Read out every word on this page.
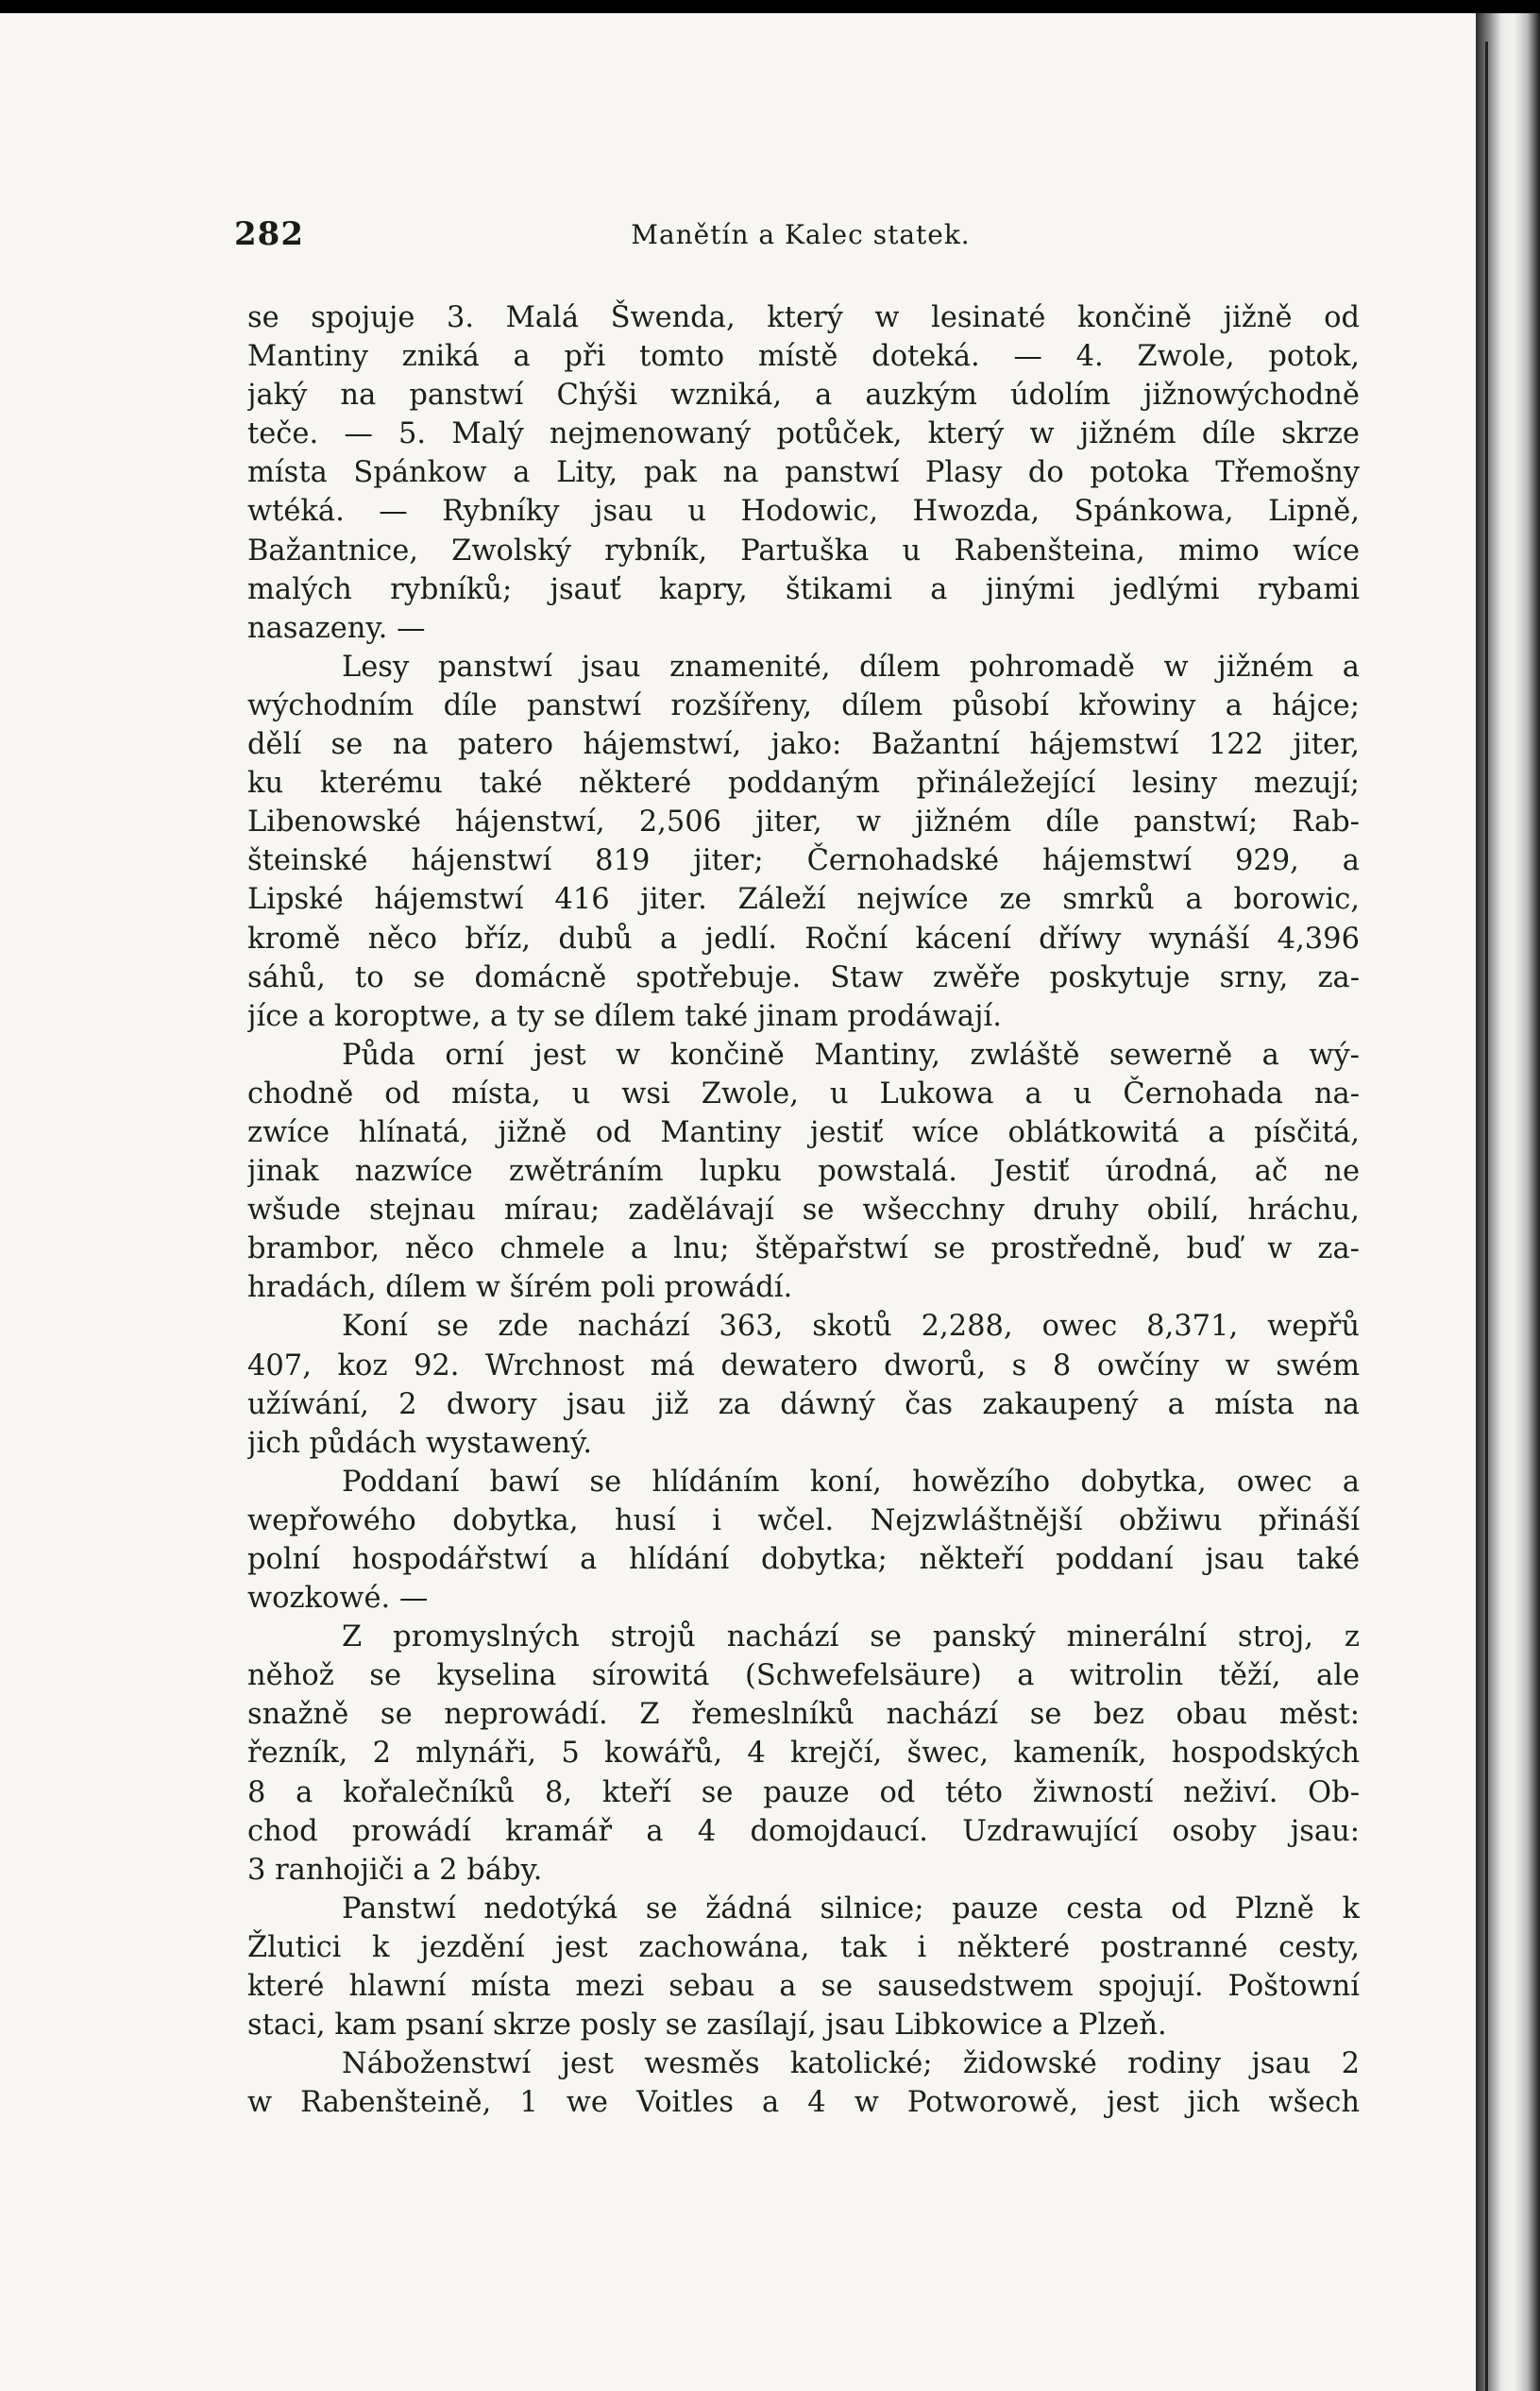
282	Manětín a Kalec statek.
se spojuje 3. Malá Šwenda, který w lesinaté končině jižně od
Mantiny zniká a při tomto místě doteká. — 4. Zwole, potok,
jaký na panstwí Chýši wzniká, a auzkým údolím jižnowýchodně
teče. — 5. Malý nejmenowaný potůček, který w jižném díle skrze
místa Spánkow a Lity, pak na panstwí Plasy do potoka Třemošny
wtéká. — Rybníky jsau u Hodowic, Hwozda, Spánkowa, Lipně,
Bažantnice, Zwolský rybník, Partuška u Rabenšteina, mimo wíce
malých rybníků; jsauť kapry, štikami a jinými jedlými rybami
nasazeny. —
Lesy panstwí jsau znamenité, dílem pohromadě w jižném a
wýchodním díle panstwí rozšířeny, dílem působí křowiny a hájce;
dělí se na patero hájemstwí, jako: Bažantní hájemstwí 122 jiter,
ku kterému také některé poddaným přináležející lesiny mezují;
Libenowské hájenstwí, 2,506 jiter, w jižném díle panstwí; Rab-
šteinské hájenstwí 819 jiter; Černohadské hájemstwí 929, a
Lipské hájemstwí 416 jiter. Záleží nejwíce ze smrků a borowic,
kromě něco bříz, dubů a jedlí. Roční kácení dříwy wynáší 4,396
sáhů, to se domácně spotřebuje. Staw zwěře poskytuje srny, za-
jíce a koroptwe, a ty se dílem také jinam prodáwají.
Půda orní jest w končině Mantiny, zwláště sewerně a wý-
chodně od místa, u wsi Zwole, u Lukowa a u Černohada na-
zwíce hlínatá, jižně od Mantiny jestiť wíce oblátkowitá a písčitá,
jinak nazwíce zwětráním lupku powstalá. Jestiť úrodná, ač ne
wšude stejnau mírau; zadělávají se wšecchny druhy obilí, hráchu,
brambor, něco chmele a lnu; štěpařstwí se prostředně, buď w za-
hradách, dílem w šírém poli prowádí.
Koní se zde nachází 363, skotů 2,288, owec 8,371, wepřů
407, koz 92. Wrchnost má dewatero dworů, s 8 owčíny w swém
užíwání, 2 dwory jsau již za dáwný čas zakaupený a místa na
jich půdách wystawený.
Poddaní bawí se hlídáním koní, howězího dobytka, owec a
wepřowého dobytka, husí i wčel. Nejzwláštnější obžiwu přináší
polní hospodářstwí a hlídání dobytka; někteří poddaní jsau také
wozkowé. —
Z promyslných strojů nachází se panský minerální stroj, z
něhož se kyselina sírowitá (Schwefelsäure) a witrolin těží, ale
snažně se neprowádí. Z řemeslníků nachází se bez obau měst:
řezník, 2 mlynáři, 5 kowářů, 4 krejčí, šwec, kameník, hospodských
8 a kořalečníků 8, kteří se pauze od této žiwností neživí. Ob-
chod prowádí kramář a 4 domojdaucí. Uzdrawující osoby jsau:
3 ranhojiči a 2 báby.
Panstwí nedotýká se žádná silnice; pauze cesta od Plzně k
Žlutici k jezdění jest zachowána, tak i některé postranné cesty,
které hlawní místa mezi sebau a se sausedstwem spojují. Poštowní
staci, kam psaní skrze posly se zasílají, jsau Libkowice a Plzeň.
Náboženstwí jest wesměs katolické; židowské rodiny jsau 2
w Rabenšteině, 1 we Voitles a 4 w Potworowě, jest jich wšech
